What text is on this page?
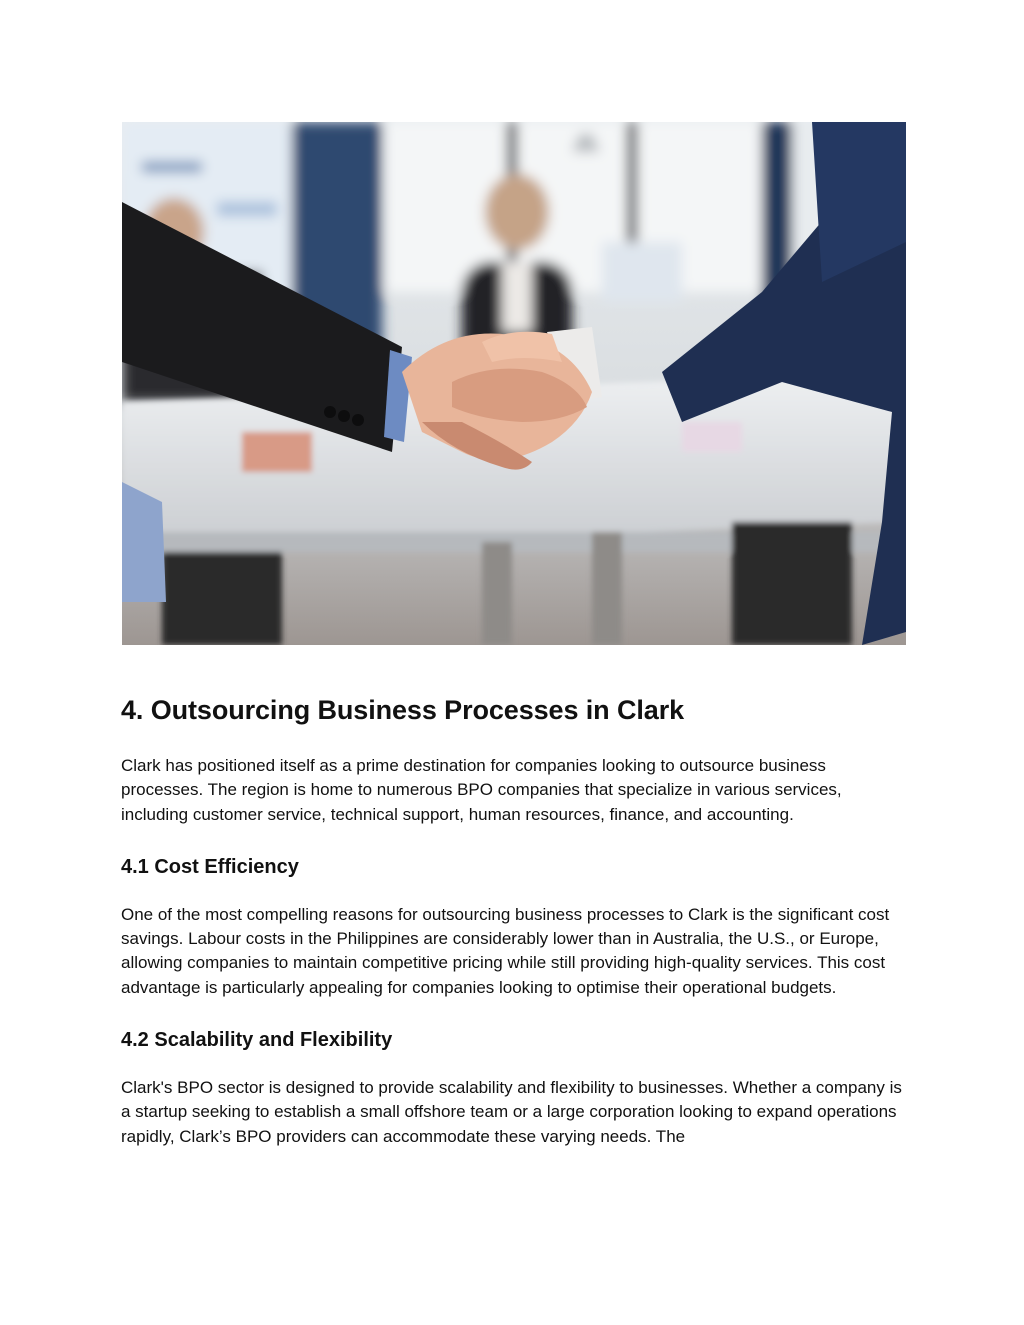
4. Outsourcing Business Processes in Clark

Clark has positioned itself as a prime destination for companies looking to outsource business processes. The region is home to numerous BPO companies that specialize in various services, including customer service, technical support, human resources, finance, and accounting.

4.1 Cost Efficiency

One of the most compelling reasons for outsourcing business processes to Clark is the significant cost savings. Labour costs in the Philippines are considerably lower than in Australia, the U.S., or Europe, allowing companies to maintain competitive pricing while still providing high-quality services. This cost advantage is particularly appealing for companies looking to optimise their operational budgets.

4.2 Scalability and Flexibility

Clark's BPO sector is designed to provide scalability and flexibility to businesses. Whether a company is a startup seeking to establish a small offshore team or a large corporation looking to expand operations rapidly, Clark’s BPO providers can accommodate these varying needs. The
